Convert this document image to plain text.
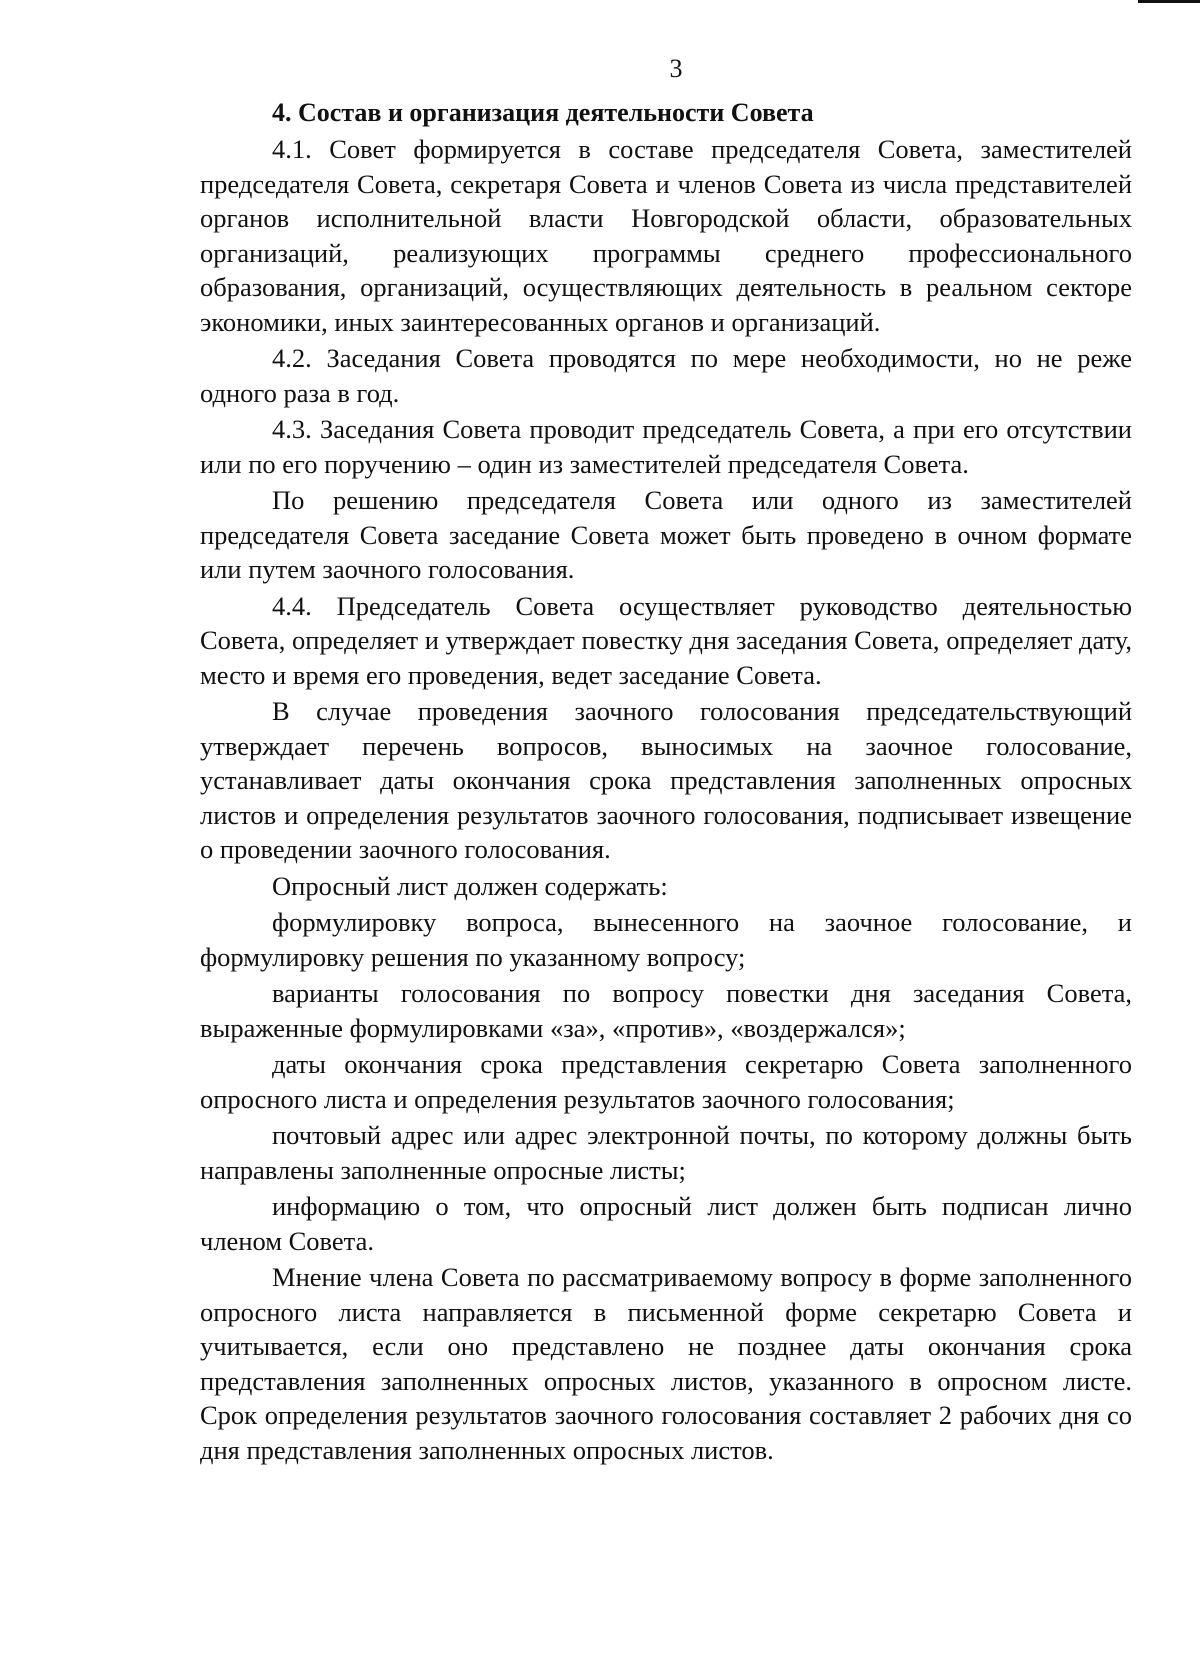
3
4. Состав и организация деятельности Совета

4.1. Совет формируется в составе председателя Совета, заместителей председателя Совета, секретаря Совета и членов Совета из числа представителей органов исполнительной власти Новгородской области, образовательных организаций, реализующих программы среднего профессионального образования, организаций, осуществляющих деятельность в реальном секторе экономики, иных заинтересованных органов и организаций.

4.2. Заседания Совета проводятся по мере необходимости, но не реже одного раза в год.

4.3. Заседания Совета проводит председатель Совета, а при его отсутствии или по его поручению – один из заместителей председателя Совета.

По решению председателя Совета или одного из заместителей председателя Совета заседание Совета может быть проведено в очном формате или путем заочного голосования.

4.4. Председатель Совета осуществляет руководство деятельностью Совета, определяет и утверждает повестку дня заседания Совета, определяет дату, место и время его проведения, ведет заседание Совета.

В случае проведения заочного голосования председательствующий утверждает перечень вопросов, выносимых на заочное голосование, устанавливает даты окончания срока представления заполненных опросных листов и определения результатов заочного голосования, подписывает извещение о проведении заочного голосования.

Опросный лист должен содержать:

формулировку вопроса, вынесенного на заочное голосование, и формулировку решения по указанному вопросу;

варианты голосования по вопросу повестки дня заседания Совета, выраженные формулировками «за», «против», «воздержался»;

даты окончания срока представления секретарю Совета заполненного опросного листа и определения результатов заочного голосования;

почтовый адрес или адрес электронной почты, по которому должны быть направлены заполненные опросные листы;

информацию о том, что опросный лист должен быть подписан лично членом Совета.

Мнение члена Совета по рассматриваемому вопросу в форме заполненного опросного листа направляется в письменной форме секретарю Совета и учитывается, если оно представлено не позднее даты окончания срока представления заполненных опросных листов, указанного в опросном листе. Срок определения результатов заочного голосования составляет 2 рабочих дня со дня представления заполненных опросных листов.
